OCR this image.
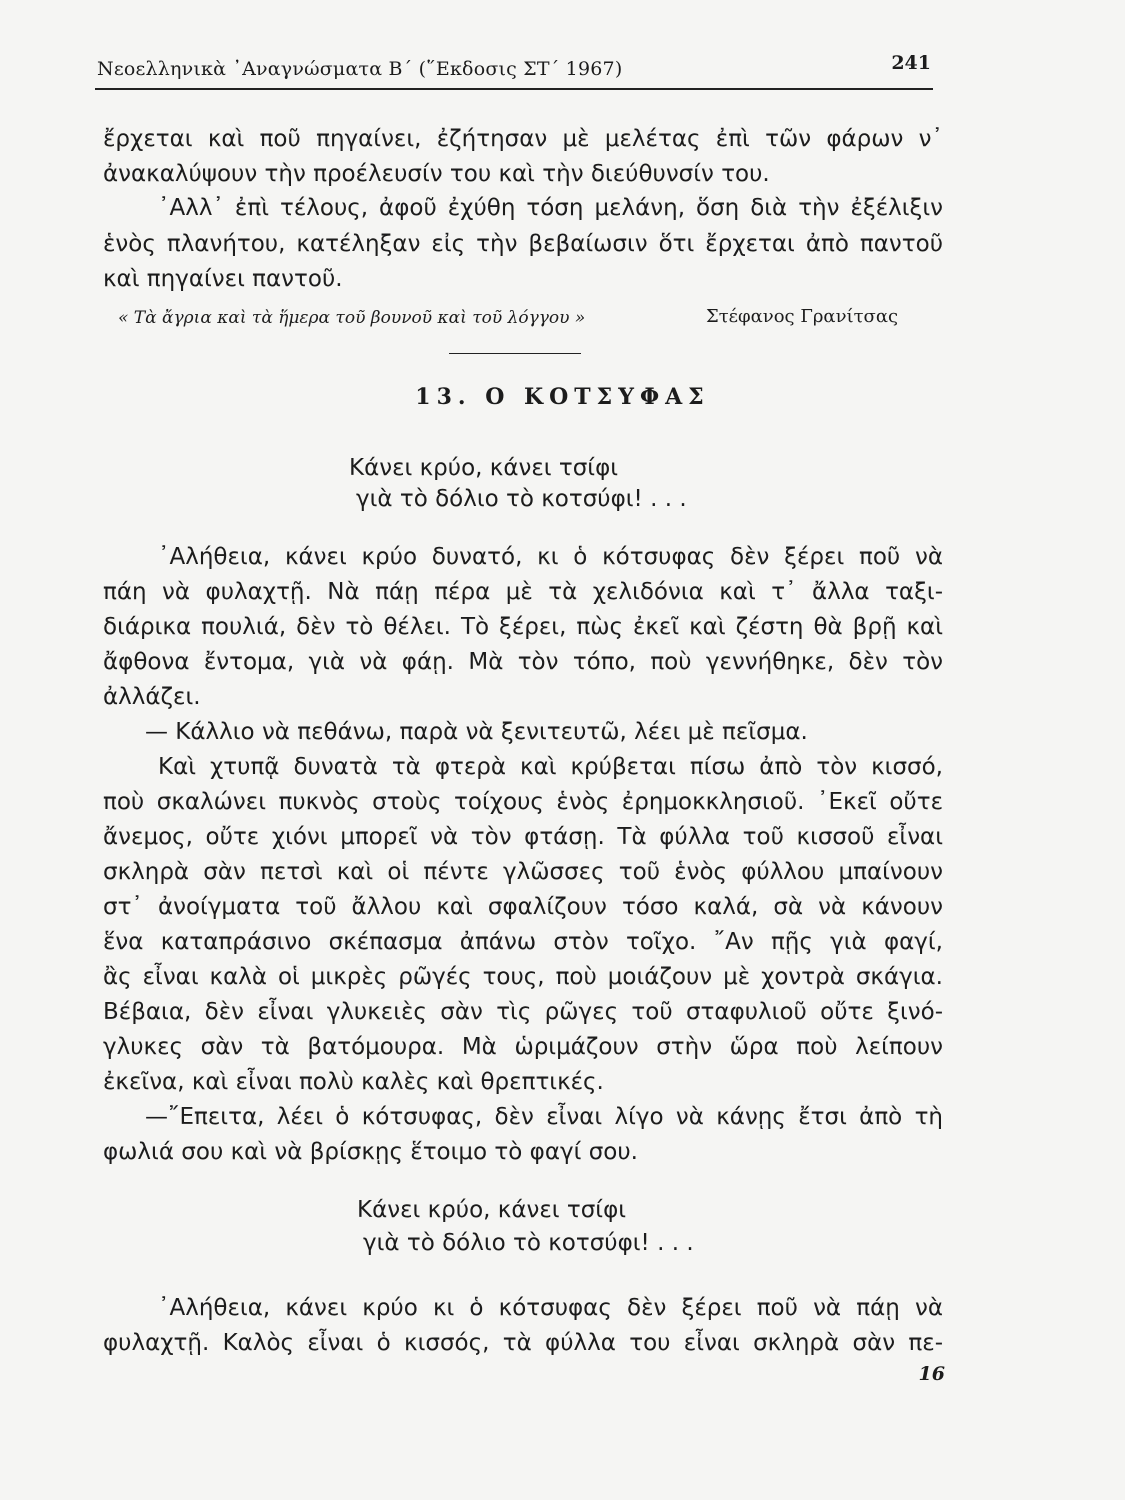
Νεοελληνικὰ ᾿Αναγνώσματα Β΄ (῞Εκδοσις ΣΤ΄ 1967)	241
ἔρχεται καὶ ποῦ πηγαίνει, ἐζήτησαν μὲ μελέτας ἐπὶ τῶν φάρων ν᾿
ἀνακαλύψουν τὴν προέλευσίν του καὶ τὴν διεύθυνσίν του.
᾿Αλλ᾿ ἐπὶ τέλους, ἀφοῦ ἐχύθη τόση μελάνη, ὅση διὰ τὴν ἐξέλιξιν
ἑνὸς πλανήτου, κατέληξαν εἰς τὴν βεβαίωσιν ὅτι ἔρχεται ἀπὸ παντοῦ
καὶ πηγαίνει παντοῦ.
« Τὰ ἄγρια καὶ τὰ ἥμερα τοῦ βουνοῦ καὶ τοῦ λόγγου »	Στέφανος Γρανίτσας
13. Ο ΚΟΤΣΥΦΑΣ
Κάνει κρύο, κάνει τσίφι
γιὰ τὸ δόλιο τὸ κοτσύφι! . . .
᾿Αλήθεια, κάνει κρύο δυνατό, κι ὁ κότσυφας δὲν ξέρει ποῦ νὰ
πάη νὰ φυλαχτῇ. Νὰ πάῃ πέρα μὲ τὰ χελιδόνια καὶ τ᾿ ἄλλα ταξι-
διάρικα πουλιά, δὲν τὸ θέλει. Τὸ ξέρει, πὼς ἐκεῖ καὶ ζέστη θὰ βρῇ καὶ
ἄφθονα ἔντομα, γιὰ νὰ φάῃ. Μὰ τὸν τόπο, ποὺ γεννήθηκε, δὲν τὸν
ἀλλάζει.
— Κάλλιο νὰ πεθάνω, παρὰ νὰ ξενιτευτῶ, λέει μὲ πεῖσμα.
Καὶ χτυπᾷ δυνατὰ τὰ φτερὰ καὶ κρύβεται πίσω ἀπὸ τὸν κισσό,
ποὺ σκαλώνει πυκνὸς στοὺς τοίχους ἑνὸς ἐρημοκκλησιοῦ. ᾿Εκεῖ οὔτε
ἄνεμος, οὔτε χιόνι μπορεῖ νὰ τὸν φτάσῃ. Τὰ φύλλα τοῦ κισσοῦ εἶναι
σκληρὰ σὰν πετσὶ καὶ οἱ πέντε γλῶσσες τοῦ ἑνὸς φύλλου μπαίνουν
στ᾿ ἀνοίγματα τοῦ ἄλλου καὶ σφαλίζουν τόσο καλά, σὰ νὰ κάνουν
ἕνα καταπράσινο σκέπασμα ἀπάνω στὸν τοῖχο. ῎Αν πῇς γιὰ φαγί,
ἂς εἶναι καλὰ οἱ μικρὲς ρῶγές τους, ποὺ μοιάζουν μὲ χοντρὰ σκάγια.
Βέβαια, δὲν εἶναι γλυκειὲς σὰν τὶς ρῶγες τοῦ σταφυλιοῦ οὔτε ξινό-
γλυκες σὰν τὰ βατόμουρα. Μὰ ὡριμάζουν στὴν ὥρα ποὺ λείπουν
ἐκεῖνα, καὶ εἶναι πολὺ καλὲς καὶ θρεπτικές.
—῎Επειτα, λέει ὁ κότσυφας, δὲν εἶναι λίγο νὰ κάνῃς ἔτσι ἀπὸ τὴ
φωλιά σου καὶ νὰ βρίσκῃς ἕτοιμο τὸ φαγί σου.
Κάνει κρύο, κάνει τσίφι
γιὰ τὸ δόλιο τὸ κοτσύφι! . . .
᾿Αλήθεια, κάνει κρύο κι ὁ κότσυφας δὲν ξέρει ποῦ νὰ πάῃ νὰ
φυλαχτῇ. Καλὸς εἶναι ὁ κισσός, τὰ φύλλα του εἶναι σκληρὰ σὰν πε-
16
